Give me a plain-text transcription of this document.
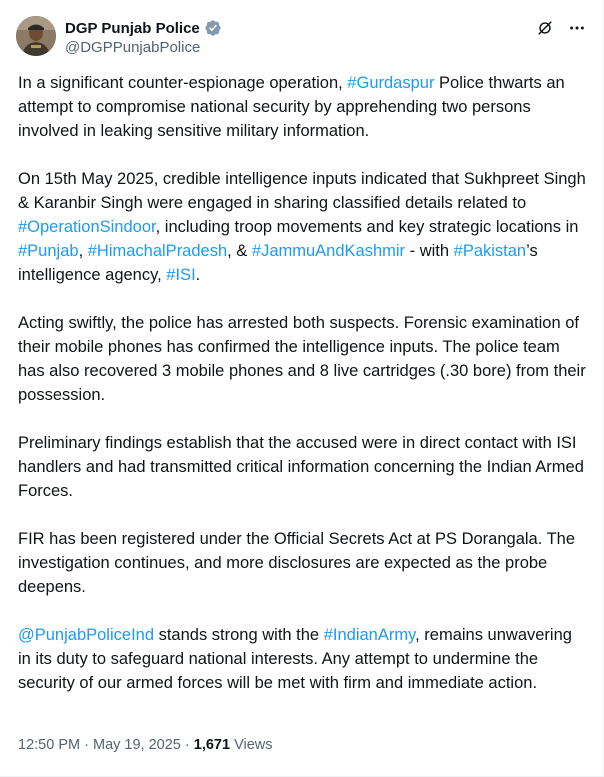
DGP Punjab Police
@DGPPunjabPolice

In a significant counter-espionage operation, #Gurdaspur Police thwarts an attempt to compromise national security by apprehending two persons involved in leaking sensitive military information.

On 15th May 2025, credible intelligence inputs indicated that Sukhpreet Singh & Karanbir Singh were engaged in sharing classified details related to #OperationSindoor, including troop movements and key strategic locations in #Punjab, #HimachalPradesh, & #JammuAndKashmir - with #Pakistan’s intelligence agency, #ISI.

Acting swiftly, the police has arrested both suspects. Forensic examination of their mobile phones has confirmed the intelligence inputs. The police team has also recovered 3 mobile phones and 8 live cartridges (.30 bore) from their possession.

Preliminary findings establish that the accused were in direct contact with ISI handlers and had transmitted critical information concerning the Indian Armed Forces.

FIR has been registered under the Official Secrets Act at PS Dorangala. The investigation continues, and more disclosures are expected as the probe deepens.

@PunjabPoliceInd stands strong with the #IndianArmy, remains unwavering in its duty to safeguard national interests. Any attempt to undermine the security of our armed forces will be met with firm and immediate action.

12:50 PM · May 19, 2025 · 1,671 Views
